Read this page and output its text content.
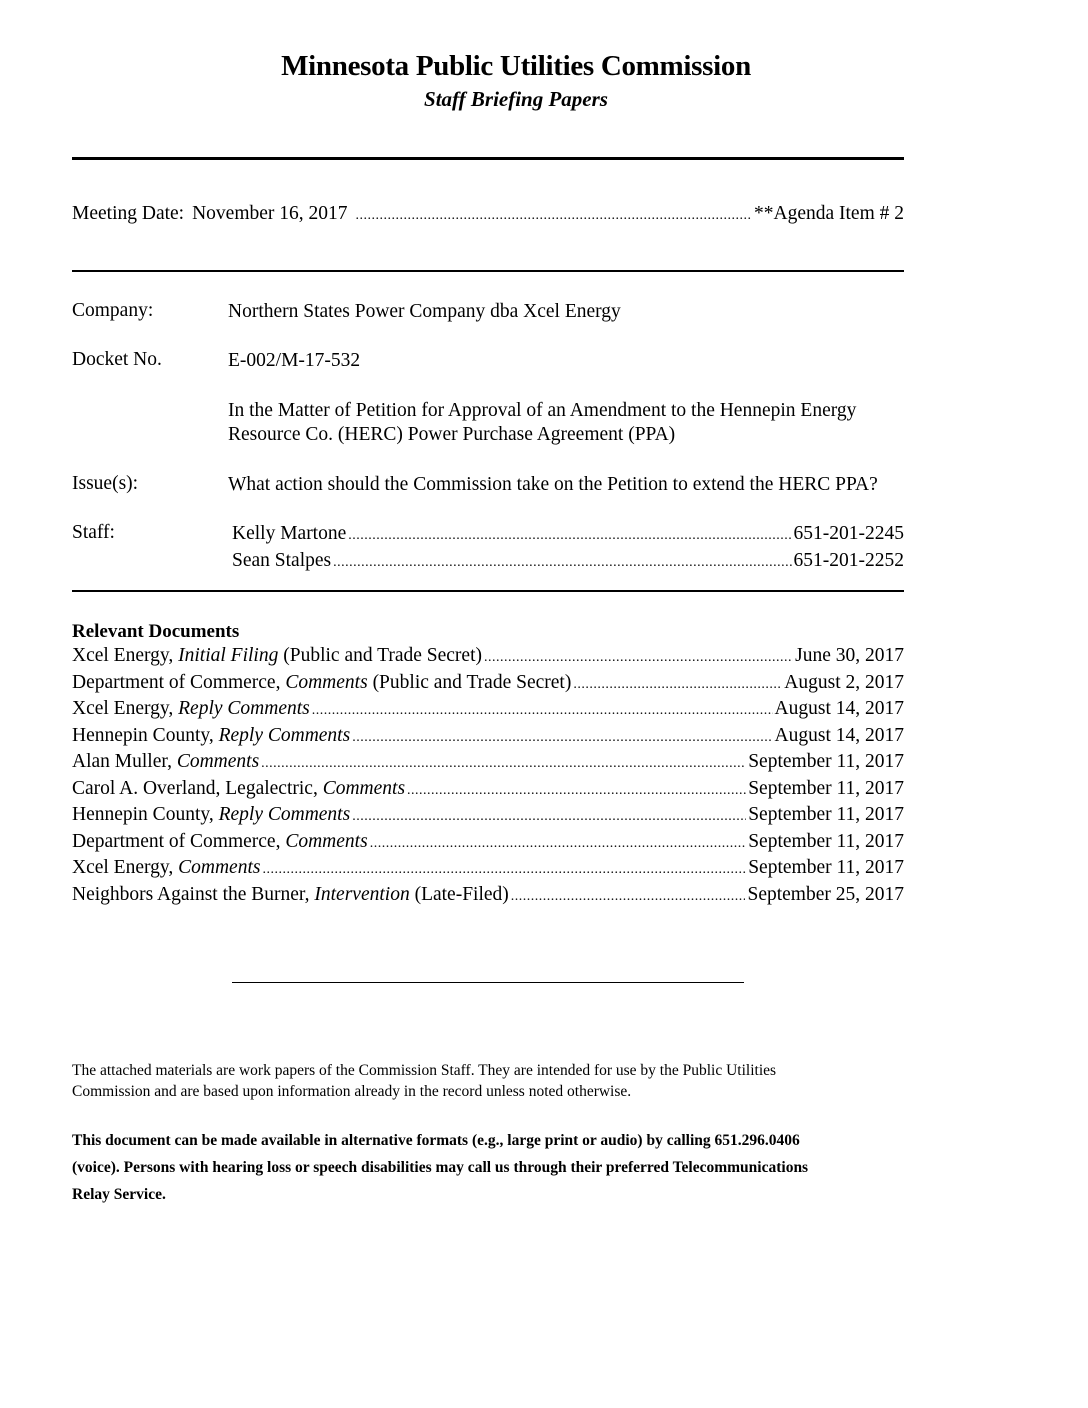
Minnesota Public Utilities Commission
Staff Briefing Papers
Meeting Date: November 16, 2017 .....	**Agenda Item # 2
Company:	Northern States Power Company dba Xcel Energy
Docket No.	E-002/M-17-532
In the Matter of Petition for Approval of an Amendment to the Hennepin Energy
Resource Co. (HERC) Power Purchase Agreement (PPA)
Issue(s):	What action should the Commission take on the Petition to extend the HERC PPA?
Staff:	Kelly Martone .....	651-201-2245
Sean Stalpes .....	651-201-2252
Relevant Documents
Xcel Energy, Initial Filing (Public and Trade Secret) .....	June 30, 2017
Department of Commerce, Comments (Public and Trade Secret) .....	August 2, 2017
Xcel Energy, Reply Comments .....	August 14, 2017
Hennepin County, Reply Comments .....	August 14, 2017
Alan Muller, Comments .....	September 11, 2017
Carol A. Overland, Legalectric, Comments .....	September 11, 2017
Hennepin County, Reply Comments .....	September 11, 2017
Department of Commerce, Comments .....	September 11, 2017
Xcel Energy, Comments .....	September 11, 2017
Neighbors Against the Burner, Intervention (Late-Filed) .....	September 25, 2017
The attached materials are work papers of the Commission Staff. They are intended for use by the Public Utilities
Commission and are based upon information already in the record unless noted otherwise.
This document can be made available in alternative formats (e.g., large print or audio) by calling 651.296.0406
(voice). Persons with hearing loss or speech disabilities may call us through their preferred Telecommunications
Relay Service.
